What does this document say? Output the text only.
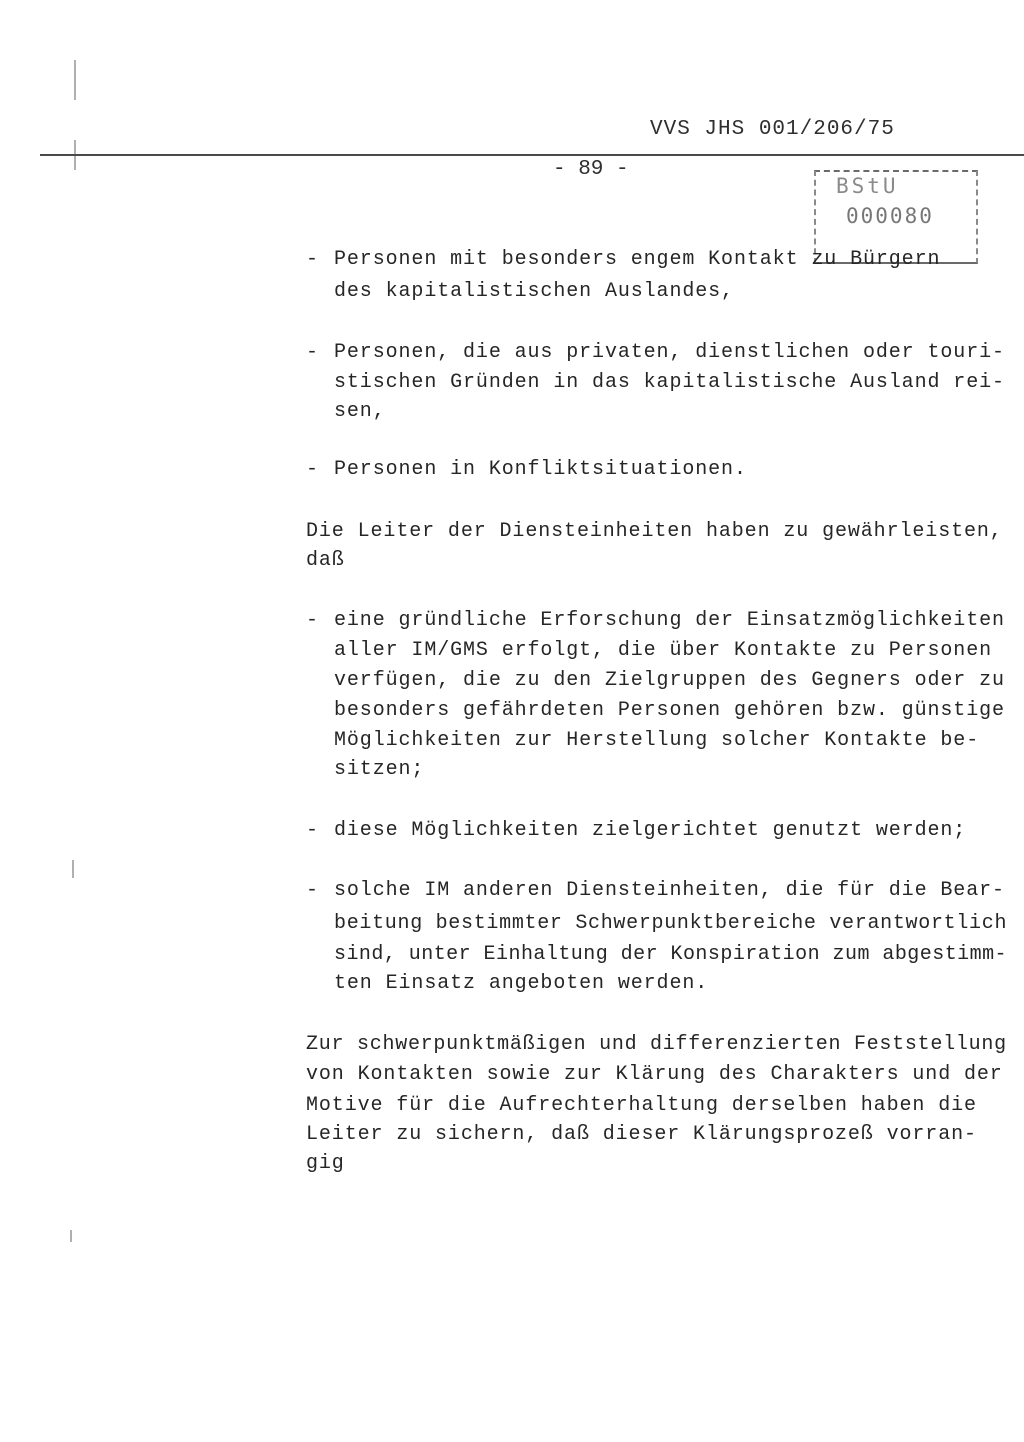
VVS JHS 001/206/75
- 89 -
BStU
000080
- Personen mit besonders engem Kontakt zu Bürgern
des kapitalistischen Auslandes,
- Personen, die aus privaten, dienstlichen oder touri-
stischen Gründen in das kapitalistische Ausland rei-
sen,
- Personen in Konfliktsituationen.
Die Leiter der Diensteinheiten haben zu gewährleisten,
daß
- eine gründliche Erforschung der Einsatzmöglichkeiten
aller IM/GMS erfolgt, die über Kontakte zu Personen
verfügen, die zu den Zielgruppen des Gegners oder zu
besonders gefährdeten Personen gehören bzw. günstige
Möglichkeiten zur Herstellung solcher Kontakte be-
sitzen;
- diese Möglichkeiten zielgerichtet genutzt werden;
- solche IM anderen Diensteinheiten, die für die Bear-
beitung bestimmter Schwerpunktbereiche verantwortlich
sind, unter Einhaltung der Konspiration zum abgestimm-
ten Einsatz angeboten werden.
Zur schwerpunktmäßigen und differenzierten Feststellung
von Kontakten sowie zur Klärung des Charakters und der
Motive für die Aufrechterhaltung derselben haben die
Leiter zu sichern, daß dieser Klärungsprozeß vorran-
gig
